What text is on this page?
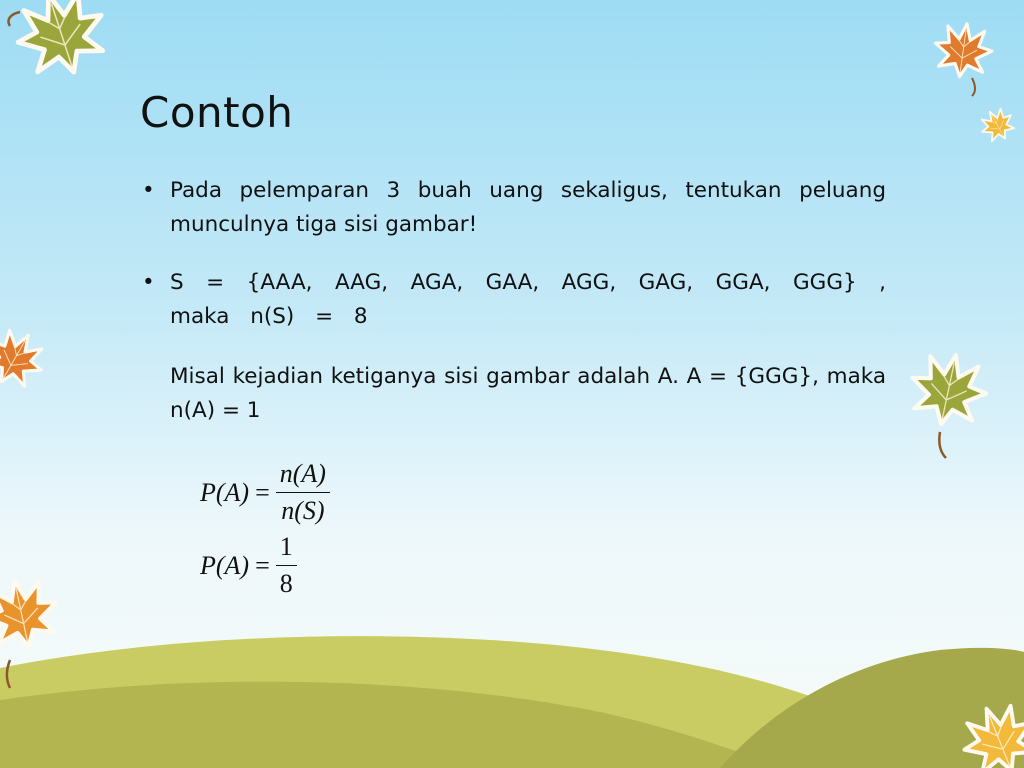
Contoh

• Pada pelemparan 3 buah uang sekaligus, tentukan peluang munculnya tiga sisi gambar!

• S = {AAA, AAG, AGA, GAA, AGG, GAG, GGA, GGG} , maka n(S) = 8

Misal kejadian ketiganya sisi gambar adalah A. A = {GGG}, maka n(A) = 1

$P(A) = \frac{n(A)}{n(S)}$
$P(A) = \frac{1}{8}$
